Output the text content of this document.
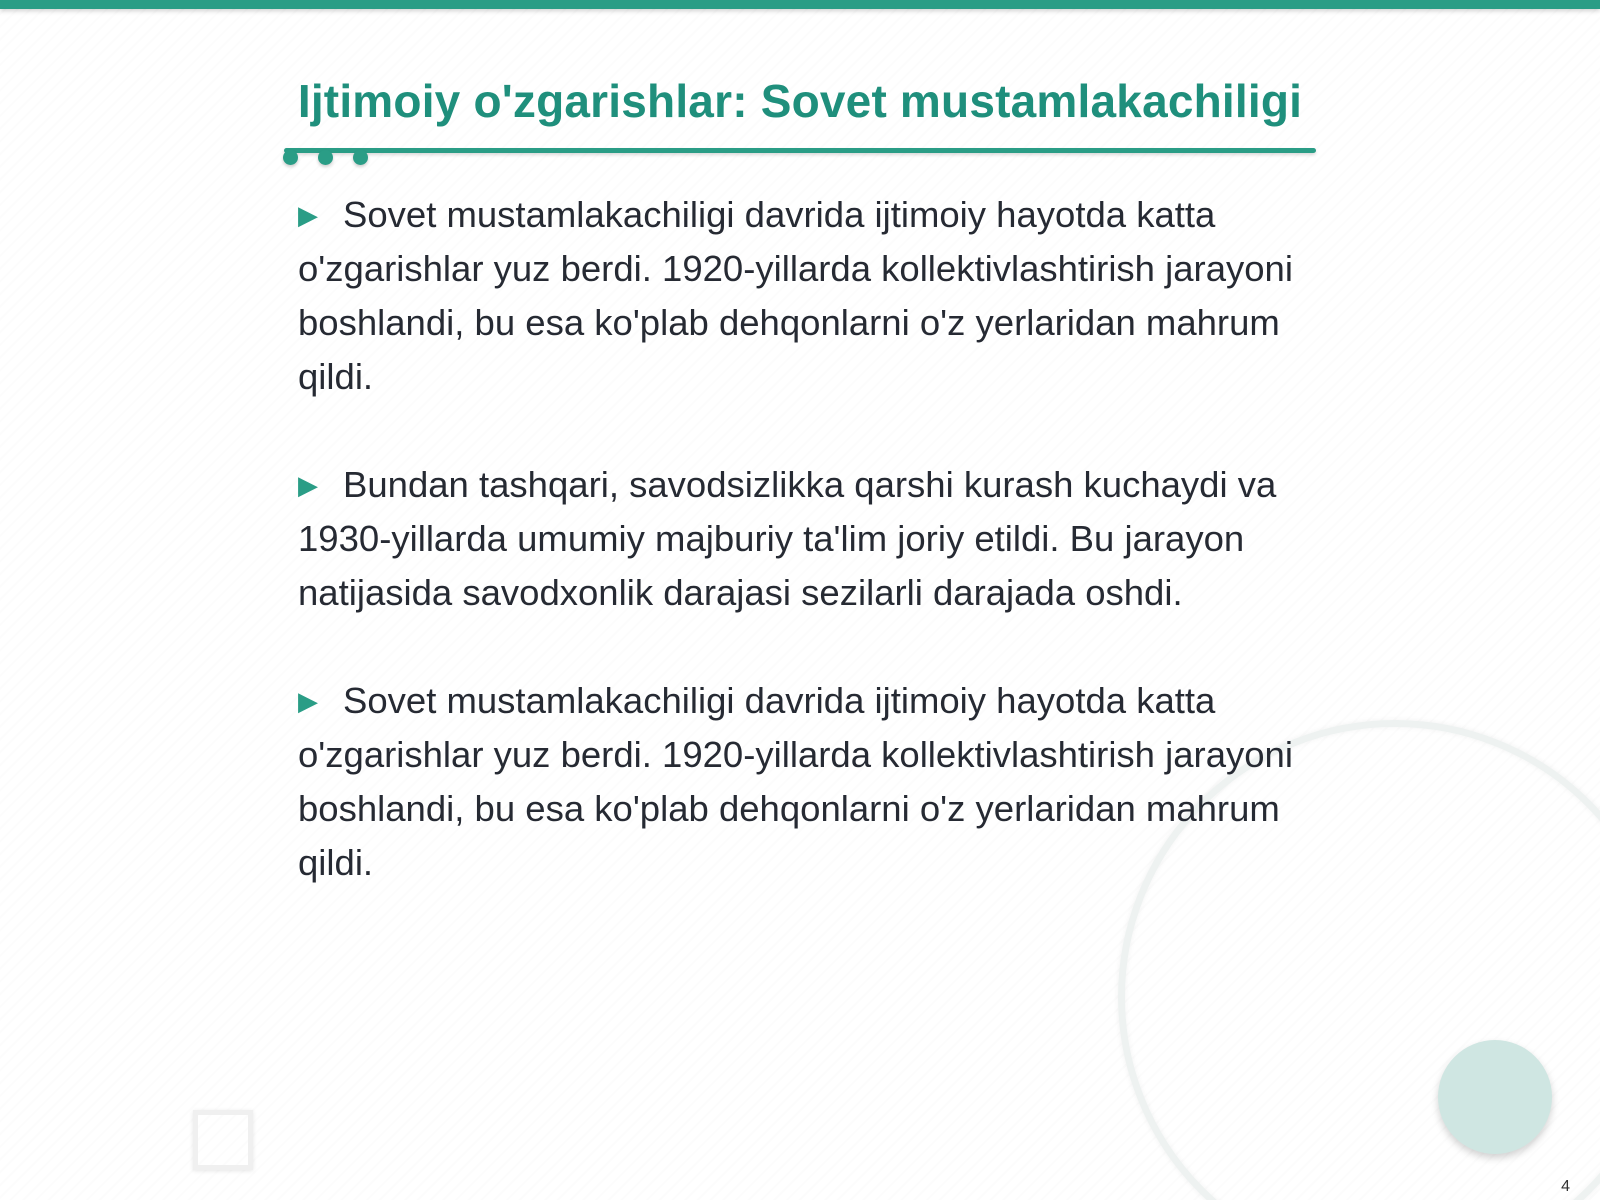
Ijtimoiy o'zgarishlar: Sovet mustamlakachiligi

▶ Sovet mustamlakachiligi davrida ijtimoiy hayotda katta o'zgarishlar yuz berdi. 1920-yillarda kollektivlashtirish jarayoni boshlandi, bu esa ko'plab dehqonlarni o'z yerlaridan mahrum qildi.

▶ Bundan tashqari, savodsizlikka qarshi kurash kuchaydi va 1930-yillarda umumiy majburiy ta'lim joriy etildi. Bu jarayon natijasida savodxonlik darajasi sezilarli darajada oshdi.

▶ Sovet mustamlakachiligi davrida ijtimoiy hayotda katta o'zgarishlar yuz berdi. 1920-yillarda kollektivlashtirish jarayoni boshlandi, bu esa ko'plab dehqonlarni o'z yerlaridan mahrum qildi.

4
